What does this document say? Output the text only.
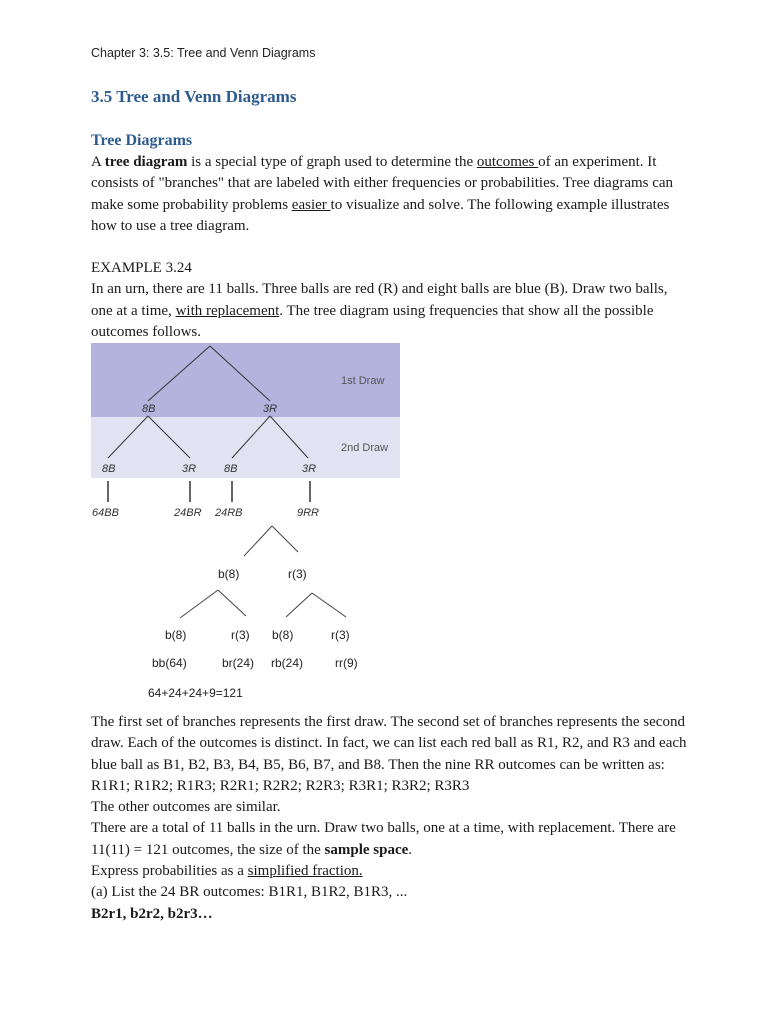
Chapter 3: 3.5: Tree and Venn Diagrams
3.5 Tree and Venn Diagrams
Tree Diagrams
A tree diagram is a special type of graph used to determine the outcomes of an experiment. It
consists of "branches" that are labeled with either frequencies or probabilities. Tree diagrams can
make some probability problems easier to visualize and solve. The following example illustrates
how to use a tree diagram.
EXAMPLE 3.24
In an urn, there are 11 balls. Three balls are red (R) and eight balls are blue (B). Draw two balls,
one at a time, with replacement. The tree diagram using frequencies that show all the possible
outcomes follows.
1st Draw
2nd Draw
8B	3R
8B	3R	8B	3R
64BB	24BR 24RB	9RR
b(8)	r(3)
b(8)	r(3) b(8)	r(3)
bb(64)	br(24) rb(24)	rr(9)
64+24+24+9=121
The first set of branches represents the first draw. The second set of branches represents the second
draw. Each of the outcomes is distinct. In fact, we can list each red ball as R1, R2, and R3 and each
blue ball as B1, B2, B3, B4, B5, B6, B7, and B8. Then the nine RR outcomes can be written as:
R1R1; R1R2; R1R3; R2R1; R2R2; R2R3; R3R1; R3R2; R3R3
The other outcomes are similar.
There are a total of 11 balls in the urn. Draw two balls, one at a time, with replacement. There are
11(11) = 121 outcomes, the size of the sample space.
Express probabilities as a simplified fraction.
(a) List the 24 BR outcomes: B1R1, B1R2, B1R3, ...
B2r1, b2r2, b2r3…
